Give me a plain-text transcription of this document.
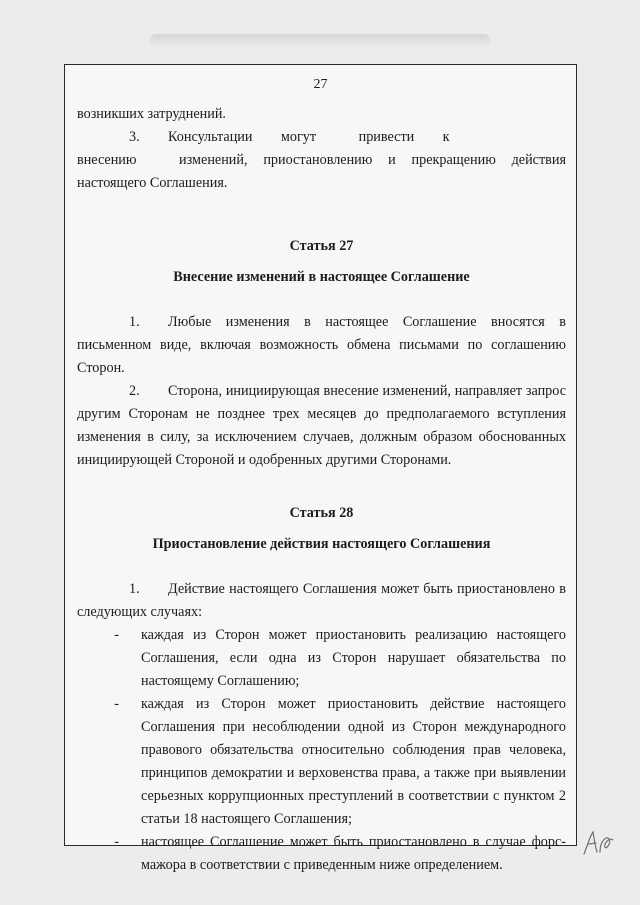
27

возникших затруднений.

3.  Консультации  могут   привести  к   внесению   изменений, приостановлению и прекращению действия настоящего Соглашения.

Статья 27

Внесение изменений в настоящее Соглашение

1.  Любые изменения в настоящее Соглашение вносятся в письменном виде, включая возможность обмена письмами по соглашению Сторон.

2.  Сторона, инициирующая внесение изменений, направляет запрос другим Сторонам не позднее трех месяцев до предполагаемого вступления изменения в силу, за исключением случаев, должным образом обоснованных инициирующей Стороной и одобренных другими Сторонами.

Статья 28

Приостановление действия настоящего Соглашения

1.  Действие настоящего Соглашения может быть приостановлено в следующих случаях:

-	каждая из Сторон может приостановить реализацию настоящего Соглашения, если одна из Сторон нарушает обязательства по настоящему Соглашению;
-	каждая из Сторон может приостановить действие настоящего Соглашения при несоблюдении одной из Сторон международного правового обязательства относительно соблюдения прав человека, принципов демократии и верховенства права, а также при выявлении серьезных коррупционных преступлений в соответствии с пунктом 2 статьи 18 настоящего Соглашения;
-	настоящее Соглашение может быть приостановлено в случае форс-мажора в соответствии с приведенным ниже определением.
